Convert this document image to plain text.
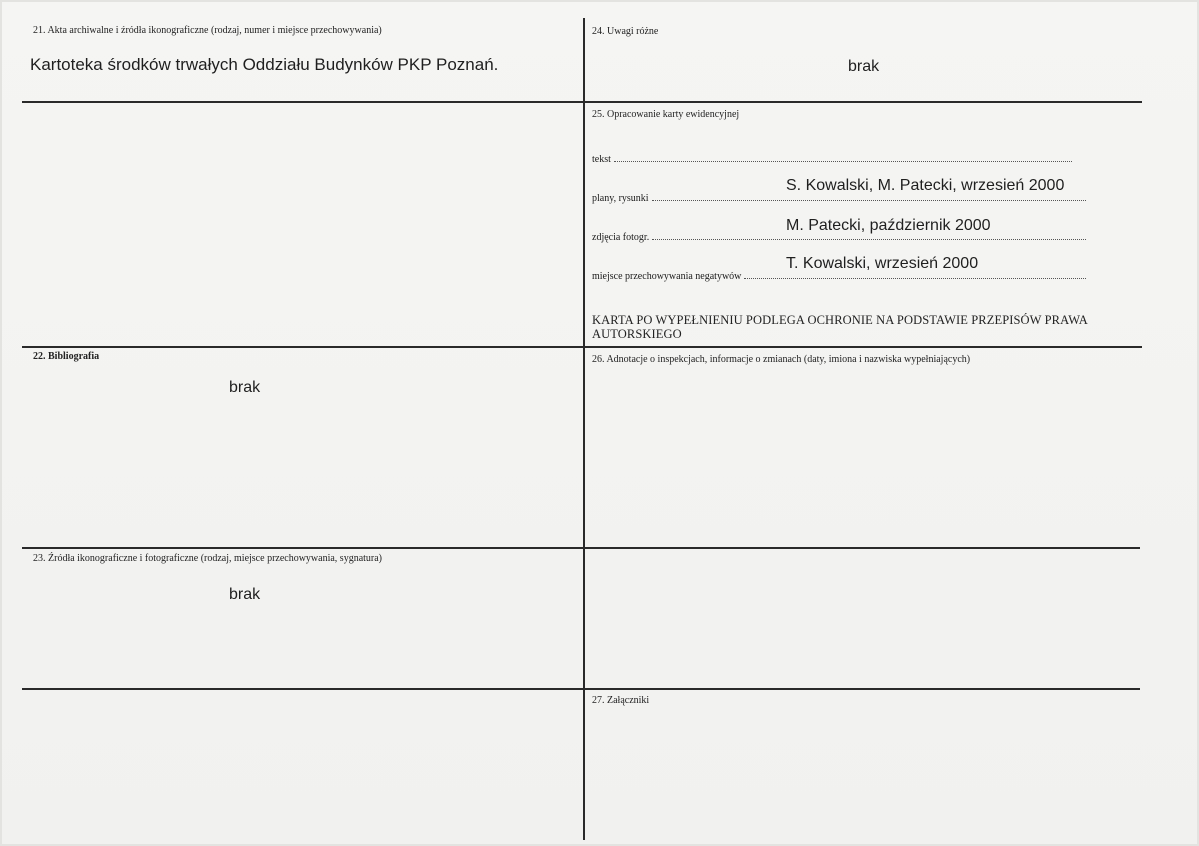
21. Akta archiwalne i źródła ikonograficzne (rodzaj, numer i miejsce przechowywania)
Kartoteka środków trwałych Oddziału Budynków PKP Poznań.
22. Bibliografia
brak
23. Źródła ikonograficzne i fotograficzne (rodzaj, miejsce przechowywania, sygnatura)
brak
24. Uwagi różne
brak
25. Opracowanie karty ewidencyjnej
tekst
plany, rysunki
S. Kowalski, M. Patecki, wrzesień 2000
zdjęcia fotogr.
M. Patecki, październik 2000
miejsce przechowywania negatywów
T. Kowalski, wrzesień 2000
KARTA PO WYPEŁNIENIU PODLEGA OCHRONIE NA PODSTAWIE PRZEPISÓW PRAWA AUTORSKIEGO
26. Adnotacje o inspekcjach, informacje o zmianach (daty, imiona i nazwiska wypełniających)
27. Załączniki
